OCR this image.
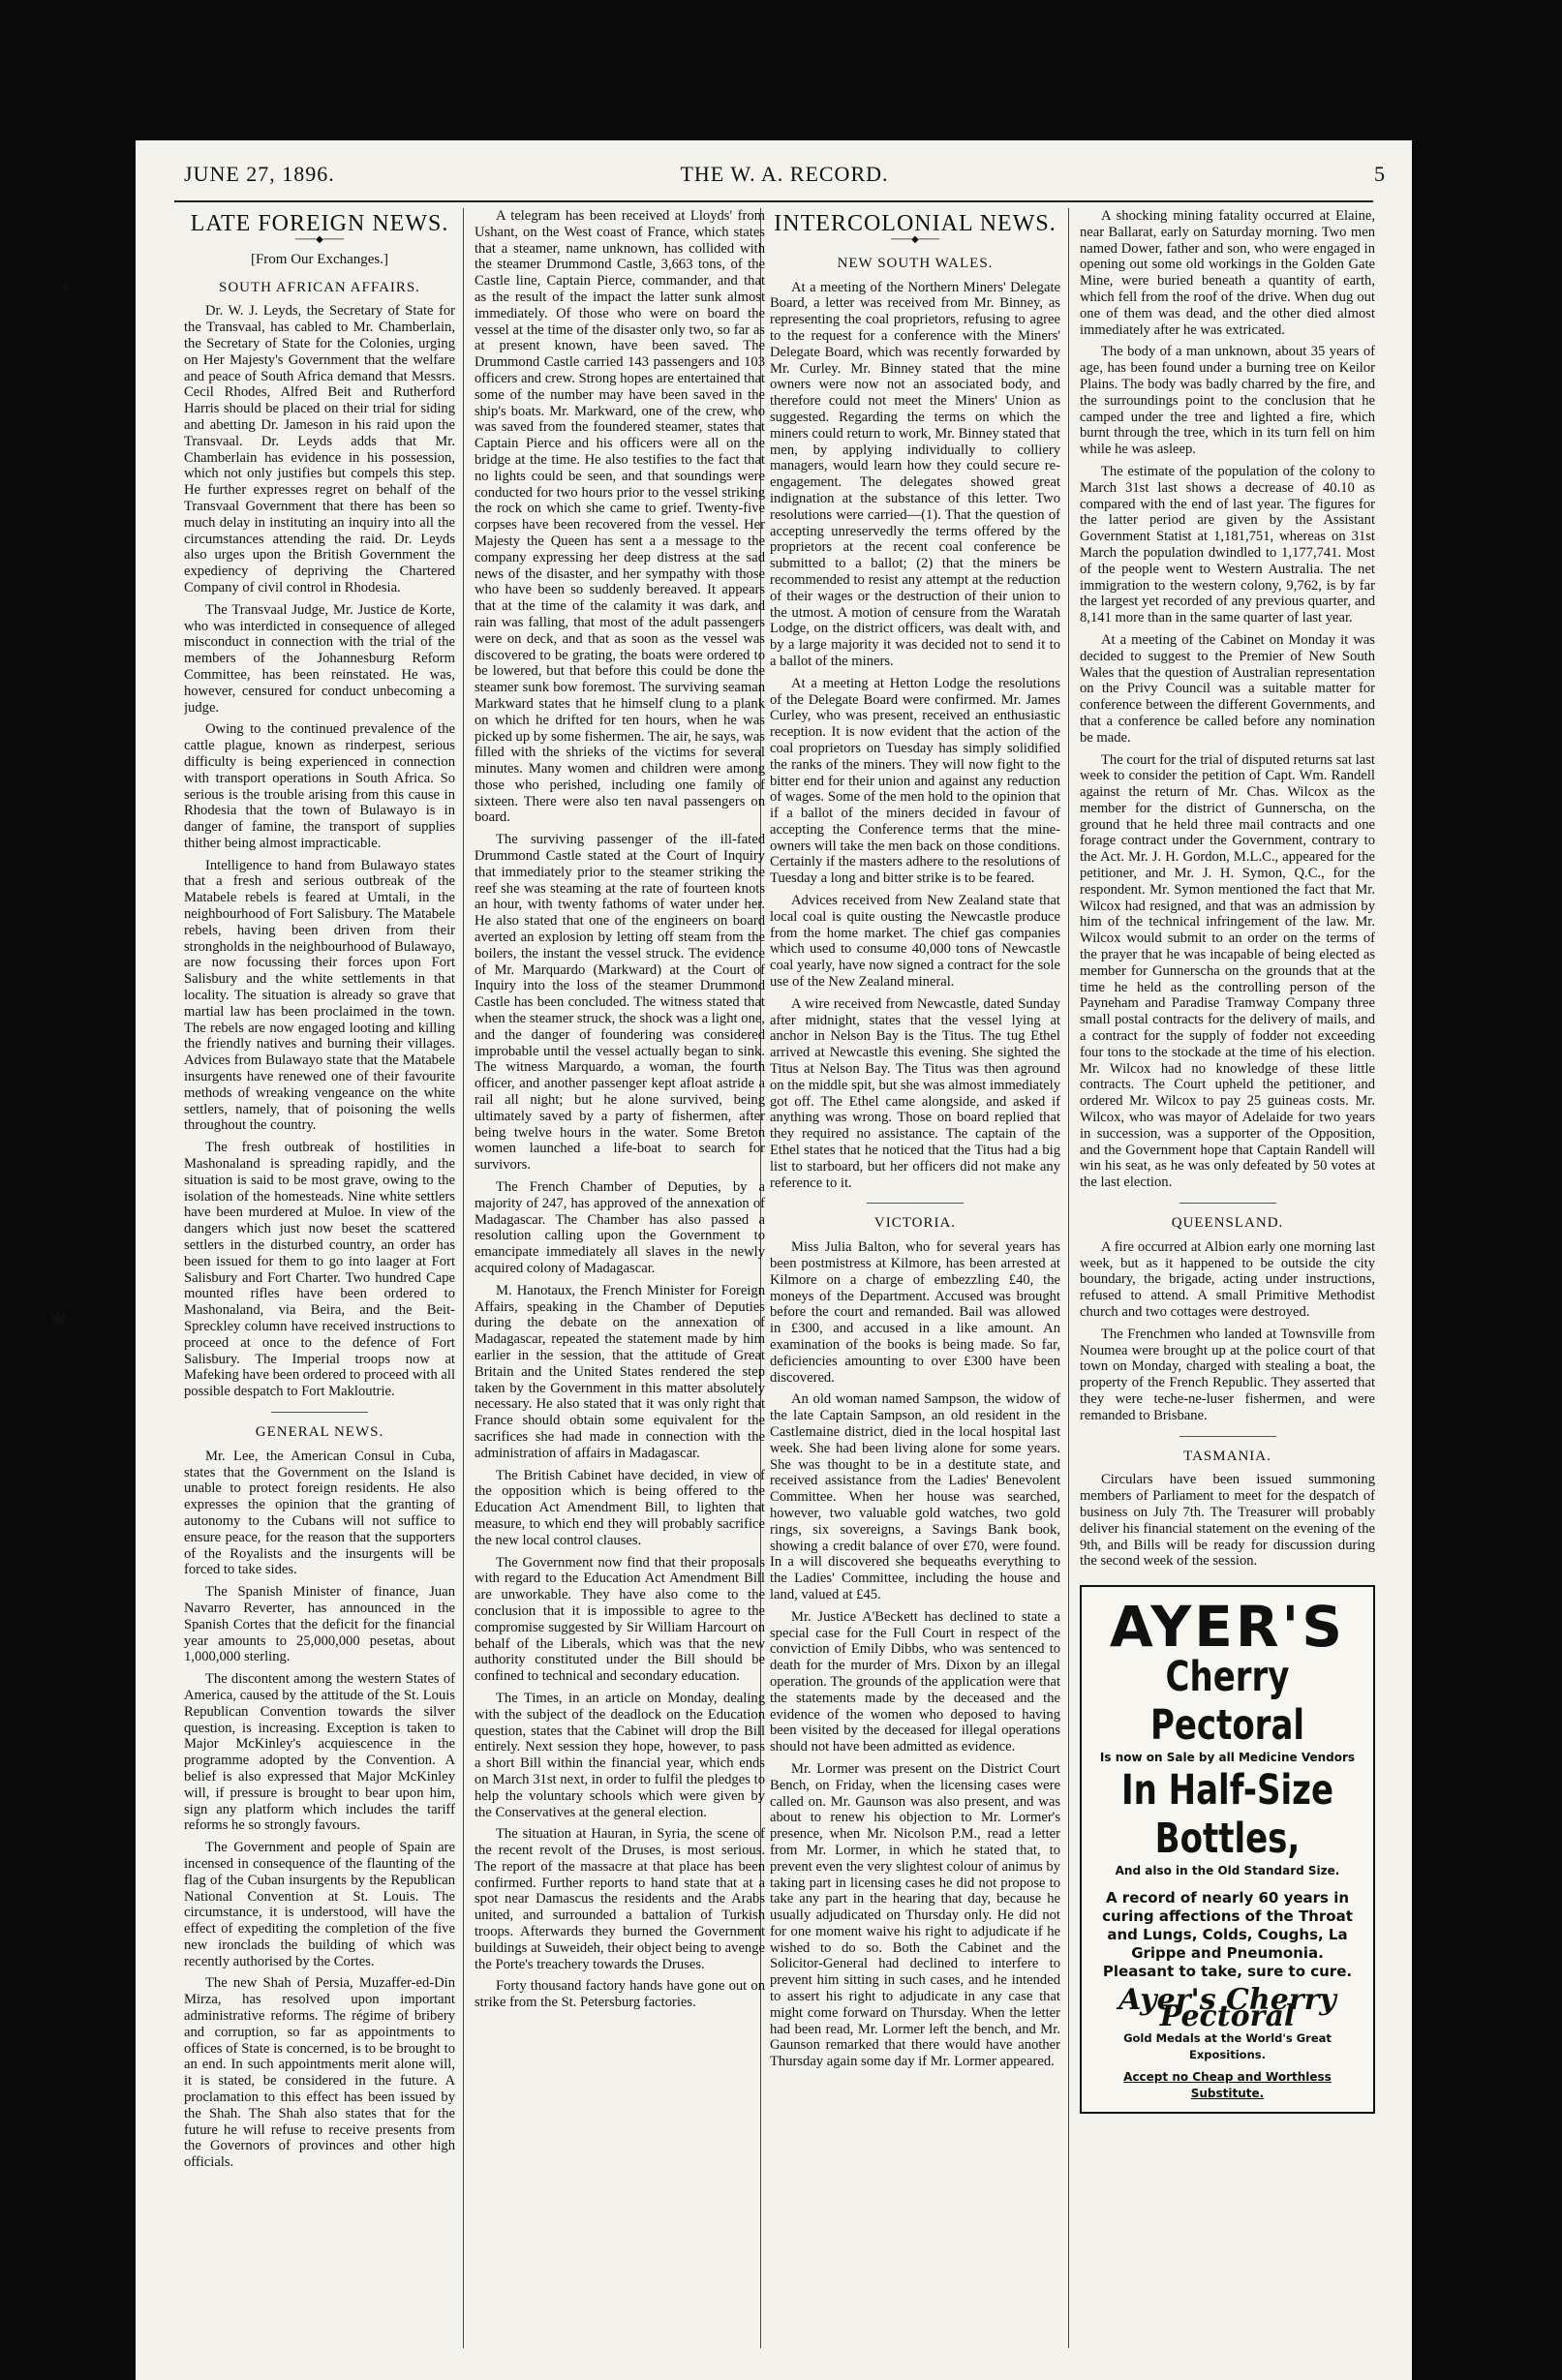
JUNE 27, 1896.	THE W. A. RECORD.	5
LATE FOREIGN NEWS.
───◆───
[From Our Exchanges.]
SOUTH AFRICAN AFFAIRS.

Dr. W. J. Leyds, the Secretary of State for the Transvaal, has cabled to Mr. Chamberlain, the Secretary of State for the Colonies, urging on Her Majesty's Government that the welfare and peace of South Africa demand that Messrs. Cecil Rhodes, Alfred Beit and Rutherford Harris should be placed on their trial for siding and abetting Dr. Jameson in his raid upon the Transvaal. Dr. Leyds adds that Mr. Chamberlain has evidence in his possession, which not only justifies but compels this step. He further expresses regret on behalf of the Transvaal Government that there has been so much delay in instituting an inquiry into all the circumstances attending the raid. Dr. Leyds also urges upon the British Government the expediency of depriving the Chartered Company of civil control in Rhodesia.

The Transvaal Judge, Mr. Justice de Korte, who was interdicted in consequence of alleged misconduct in connection with the trial of the members of the Johannesburg Reform Committee, has been reinstated. He was, however, censured for conduct unbecoming a judge.

Owing to the continued prevalence of the cattle plague, known as rinderpest, serious difficulty is being experienced in connection with transport operations in South Africa. So serious is the trouble arising from this cause in Rhodesia that the town of Bulawayo is in danger of famine, the transport of supplies thither being almost impracticable.

Intelligence to hand from Bulawayo states that a fresh and serious outbreak of the Matabele rebels is feared at Umtali, in the neighbourhood of Fort Salisbury. The Matabele rebels, having been driven from their strongholds in the neighbourhood of Bulawayo, are now focussing their forces upon Fort Salisbury and the white settlements in that locality. The situation is already so grave that martial law has been proclaimed in the town. The rebels are now engaged looting and killing the friendly natives and burning their villages. Advices from Bulawayo state that the Matabele insurgents have renewed one of their favourite methods of wreaking vengeance on the white settlers, namely, that of poisoning the wells throughout the country.

The fresh outbreak of hostilities in Mashonaland is spreading rapidly, and the situation is said to be most grave, owing to the isolation of the homesteads. Nine white settlers have been murdered at Muloe. In view of the dangers which just now beset the scattered settlers in the disturbed country, an order has been issued for them to go into laager at Fort Salisbury and Fort Charter. Two hundred Cape mounted rifles have been ordered to Mashonaland, via Beira, and the Beit-Spreckley column have received instructions to proceed at once to the defence of Fort Salisbury. The Imperial troops now at Mafeking have been ordered to proceed with all possible despatch to Fort Makloutrie.

GENERAL NEWS.

Mr. Lee, the American Consul in Cuba, states that the Government on the Island is unable to protect foreign residents. He also expresses the opinion that the granting of autonomy to the Cubans will not suffice to ensure peace, for the reason that the supporters of the Royalists and the insurgents will be forced to take sides.

The Spanish Minister of finance, Juan Navarro Reverter, has announced in the Spanish Cortes that the deficit for the financial year amounts to 25,000,000 pesetas, about 1,000,000 sterling.

The discontent among the western States of America, caused by the attitude of the St. Louis Republican Convention towards the silver question, is increasing. Exception is taken to Major McKinley's acquiescence in the programme adopted by the Convention. A belief is also expressed that Major McKinley will, if pressure is brought to bear upon him, sign any platform which includes the tariff reforms he so strongly favours.

The Government and people of Spain are incensed in consequence of the flaunting of the flag of the Cuban insurgents by the Republican National Convention at St. Louis. The circumstance, it is understood, will have the effect of expediting the completion of the five new ironclads the building of which was recently authorised by the Cortes.

The new Shah of Persia, Muzaffer-ed-Din Mirza, has resolved upon important administrative reforms. The régime of bribery and corruption, so far as appointments to offices of State is concerned, is to be brought to an end. In such appointments merit alone will, it is stated, be considered in the future. A proclamation to this effect has been issued by the Shah. The Shah also states that for the future he will refuse to receive presents from the Governors of provinces and other high officials.

A telegram has been received at Lloyds' from Ushant, on the West coast of France, which states that a steamer, name unknown, has collided with the steamer Drummond Castle, 3,663 tons, of the Castle line, Captain Pierce, commander, and that as the result of the impact the latter sunk almost immediately. Of those who were on board the vessel at the time of the disaster only two, so far as at present known, have been saved. The Drummond Castle carried 143 passengers and 103 officers and crew. Strong hopes are entertained that some of the number may have been saved in the ship's boats. Mr. Markward, one of the crew, who was saved from the foundered steamer, states that Captain Pierce and his officers were all on the bridge at the time. He also testifies to the fact that no lights could be seen, and that soundings were conducted for two hours prior to the vessel striking the rock on which she came to grief. Twenty-five corpses have been recovered from the vessel. Her Majesty the Queen has sent a a message to the company expressing her deep distress at the sad news of the disaster, and her sympathy with those who have been so suddenly bereaved. It appears that at the time of the calamity it was dark, and rain was falling, that most of the adult passengers were on deck, and that as soon as the vessel was discovered to be grating, the boats were ordered to be lowered, but that before this could be done the steamer sunk bow foremost. The surviving seaman Markward states that he himself clung to a plank on which he drifted for ten hours, when he was picked up by some fishermen. The air, he says, was filled with the shrieks of the victims for several minutes. Many women and children were among those who perished, including one family of sixteen. There were also ten naval passengers on board.

The surviving passenger of the ill-fated Drummond Castle stated at the Court of Inquiry that immediately prior to the steamer striking the reef she was steaming at the rate of fourteen knots an hour, with twenty fathoms of water under her. He also stated that one of the engineers on board averted an explosion by letting off steam from the boilers, the instant the vessel struck. The evidence of Mr. Marquardo (Markward) at the Court of Inquiry into the loss of the steamer Drummond Castle has been concluded. The witness stated that when the steamer struck, the shock was a light one, and the danger of foundering was considered improbable until the vessel actually began to sink. The witness Marquardo, a woman, the fourth officer, and another passenger kept afloat astride a rail all night; but he alone survived, being ultimately saved by a party of fishermen, after being twelve hours in the water. Some Breton women launched a life-boat to search for survivors.

The French Chamber of Deputies, by a majority of 247, has approved of the annexation of Madagascar. The Chamber has also passed a resolution calling upon the Government to emancipate immediately all slaves in the newly acquired colony of Madagascar.

M. Hanotaux, the French Minister for Foreign Affairs, speaking in the Chamber of Deputies during the debate on the annexation of Madagascar, repeated the statement made by him earlier in the session, that the attitude of Great Britain and the United States rendered the step taken by the Government in this matter absolutely necessary. He also stated that it was only right that France should obtain some equivalent for the sacrifices she had made in connection with the administration of affairs in Madagascar.

The British Cabinet have decided, in view of the opposition which is being offered to the Education Act Amendment Bill, to lighten that measure, to which end they will probably sacrifice the new local control clauses.

The Government now find that their proposals with regard to the Education Act Amendment Bill are unworkable. They have also come to the conclusion that it is impossible to agree to the compromise suggested by Sir William Harcourt on behalf of the Liberals, which was that the new authority constituted under the Bill should be confined to technical and secondary education.

The Times, in an article on Monday, dealing with the subject of the deadlock on the Education question, states that the Cabinet will drop the Bill entirely. Next session they hope, however, to pass a short Bill within the financial year, which ends on March 31st next, in order to fulfil the pledges to help the voluntary schools which were given by the Conservatives at the general election.

The situation at Hauran, in Syria, the scene of the recent revolt of the Druses, is most serious. The report of the massacre at that place has been confirmed. Further reports to hand state that at a spot near Damascus the residents and the Arabs united, and surrounded a battalion of Turkish troops. Afterwards they burned the Government buildings at Suweideh, their object being to avenge the Porte's treachery towards the Druses.

Forty thousand factory hands have gone out on strike from the St. Petersburg factories.

INTERCOLONIAL NEWS.
───◆───
NEW SOUTH WALES.

At a meeting of the Northern Miners' Delegate Board, a letter was received from Mr. Binney, as representing the coal proprietors, refusing to agree to the request for a conference with the Miners' Delegate Board, which was recently forwarded by Mr. Curley. Mr. Binney stated that the mine owners were now not an associated body, and therefore could not meet the Miners' Union as suggested. Regarding the terms on which the miners could return to work, Mr. Binney stated that men, by applying individually to colliery managers, would learn how they could secure re-engagement. The delegates showed great indignation at the substance of this letter. Two resolutions were carried—(1). That the question of accepting unreservedly the terms offered by the proprietors at the recent coal conference be submitted to a ballot; (2) that the miners be recommended to resist any attempt at the reduction of their wages or the destruction of their union to the utmost. A motion of censure from the Waratah Lodge, on the district officers, was dealt with, and by a large majority it was decided not to send it to a ballot of the miners.

At a meeting at Hetton Lodge the resolutions of the Delegate Board were confirmed. Mr. James Curley, who was present, received an enthusiastic reception. It is now evident that the action of the coal proprietors on Tuesday has simply solidified the ranks of the miners. They will now fight to the bitter end for their union and against any reduction of wages. Some of the men hold to the opinion that if a ballot of the miners decided in favour of accepting the Conference terms that the mine-owners will take the men back on those conditions. Certainly if the masters adhere to the resolutions of Tuesday a long and bitter strike is to be feared.

Advices received from New Zealand state that local coal is quite ousting the Newcastle produce from the home market. The chief gas companies which used to consume 40,000 tons of Newcastle coal yearly, have now signed a contract for the sole use of the New Zealand mineral.

A wire received from Newcastle, dated Sunday after midnight, states that the vessel lying at anchor in Nelson Bay is the Titus. The tug Ethel arrived at Newcastle this evening. She sighted the Titus at Nelson Bay. The Titus was then aground on the middle spit, but she was almost immediately got off. The Ethel came alongside, and asked if anything was wrong. Those on board replied that they required no assistance. The captain of the Ethel states that he noticed that the Titus had a big list to starboard, but her officers did not make any reference to it.

VICTORIA.

Miss Julia Balton, who for several years has been postmistress at Kilmore, has been arrested at Kilmore on a charge of embezzling £40, the moneys of the Department. Accused was brought before the court and remanded. Bail was allowed in £300, and accused in a like amount. An examination of the books is being made. So far, deficiencies amounting to over £300 have been discovered.

An old woman named Sampson, the widow of the late Captain Sampson, an old resident in the Castlemaine district, died in the local hospital last week. She had been living alone for some years. She was thought to be in a destitute state, and received assistance from the Ladies' Benevolent Committee. When her house was searched, however, two valuable gold watches, two gold rings, six sovereigns, a Savings Bank book, showing a credit balance of over £70, were found. In a will discovered she bequeaths everything to the Ladies' Committee, including the house and land, valued at £45.

Mr. Justice A'Beckett has declined to state a special case for the Full Court in respect of the conviction of Emily Dibbs, who was sentenced to death for the murder of Mrs. Dixon by an illegal operation. The grounds of the application were that the statements made by the deceased and the evidence of the women who deposed to having been visited by the deceased for illegal operations should not have been admitted as evidence.

Mr. Lormer was present on the District Court Bench, on Friday, when the licensing cases were called on. Mr. Gaunson was also present, and was about to renew his objection to Mr. Lormer's presence, when Mr. Nicolson P.M., read a letter from Mr. Lormer, in which he stated that, to prevent even the very slightest colour of animus by taking part in licensing cases he did not propose to take any part in the hearing that day, because he usually adjudicated on Thursday only. He did not for one moment waive his right to adjudicate if he wished to do so. Both the Cabinet and the Solicitor-General had declined to interfere to prevent him sitting in such cases, and he intended to assert his right to adjudicate in any case that might come forward on Thursday. When the letter had been read, Mr. Lormer left the bench, and Mr. Gaunson remarked that there would have another Thursday again some day if Mr. Lormer appeared.

A shocking mining fatality occurred at Elaine, near Ballarat, early on Saturday morning. Two men named Dower, father and son, who were engaged in opening out some old workings in the Golden Gate Mine, were buried beneath a quantity of earth, which fell from the roof of the drive. When dug out one of them was dead, and the other died almost immediately after he was extricated.

The body of a man unknown, about 35 years of age, has been found under a burning tree on Keilor Plains. The body was badly charred by the fire, and the surroundings point to the conclusion that he camped under the tree and lighted a fire, which burnt through the tree, which in its turn fell on him while he was asleep.

The estimate of the population of the colony to March 31st last shows a decrease of 40.10 as compared with the end of last year. The figures for the latter period are given by the Assistant Government Statist at 1,181,751, whereas on 31st March the population dwindled to 1,177,741. Most of the people went to Western Australia. The net immigration to the western colony, 9,762, is by far the largest yet recorded of any previous quarter, and 8,141 more than in the same quarter of last year.

At a meeting of the Cabinet on Monday it was decided to suggest to the Premier of New South Wales that the question of Australian representation on the Privy Council was a suitable matter for conference between the different Governments, and that a conference be called before any nomination be made.

The court for the trial of disputed returns sat last week to consider the petition of Capt. Wm. Randell against the return of Mr. Chas. Wilcox as the member for the district of Gunnerscha, on the ground that he held three mail contracts and one forage contract under the Government, contrary to the Act. Mr. J. H. Gordon, M.L.C., appeared for the petitioner, and Mr. J. H. Symon, Q.C., for the respondent. Mr. Symon mentioned the fact that Mr. Wilcox had resigned, and that was an admission by him of the technical infringement of the law. Mr. Wilcox would submit to an order on the terms of the prayer that he was incapable of being elected as member for Gunnerscha on the grounds that at the time he held as the controlling person of the Payneham and Paradise Tramway Company three small postal contracts for the delivery of mails, and a contract for the supply of fodder not exceeding four tons to the stockade at the time of his election. Mr. Wilcox had no knowledge of these little contracts. The Court upheld the petitioner, and ordered Mr. Wilcox to pay 25 guineas costs. Mr. Wilcox, who was mayor of Adelaide for two years in succession, was a supporter of the Opposition, and the Government hope that Captain Randell will win his seat, as he was only defeated by 50 votes at the last election.

QUEENSLAND.

A fire occurred at Albion early one morning last week, but as it happened to be outside the city boundary, the brigade, acting under instructions, refused to attend. A small Primitive Methodist church and two cottages were destroyed.

The Frenchmen who landed at Townsville from Noumea were brought up at the police court of that town on Monday, charged with stealing a boat, the property of the French Republic. They asserted that they were teche-ne-luser fishermen, and were remanded to Brisbane.

TASMANIA.

Circulars have been issued summoning members of Parliament to meet for the despatch of business on July 7th. The Treasurer will probably deliver his financial statement on the evening of the 9th, and Bills will be ready for discussion during the second week of the session.

AYER'S
Cherry Pectoral
Is now on Sale by all Medicine Vendors
In Half-Size Bottles,
And also in the Old Standard Size.
A record of nearly 60 years in curing affections of the Throat and Lungs, Colds, Coughs, La Grippe and Pneumonia. Pleasant to take, sure to cure.
Ayer's Cherry Pectoral
Gold Medals at the World's Great Expositions.
Accept no Cheap and Worthless Substitute.
◂
✱
